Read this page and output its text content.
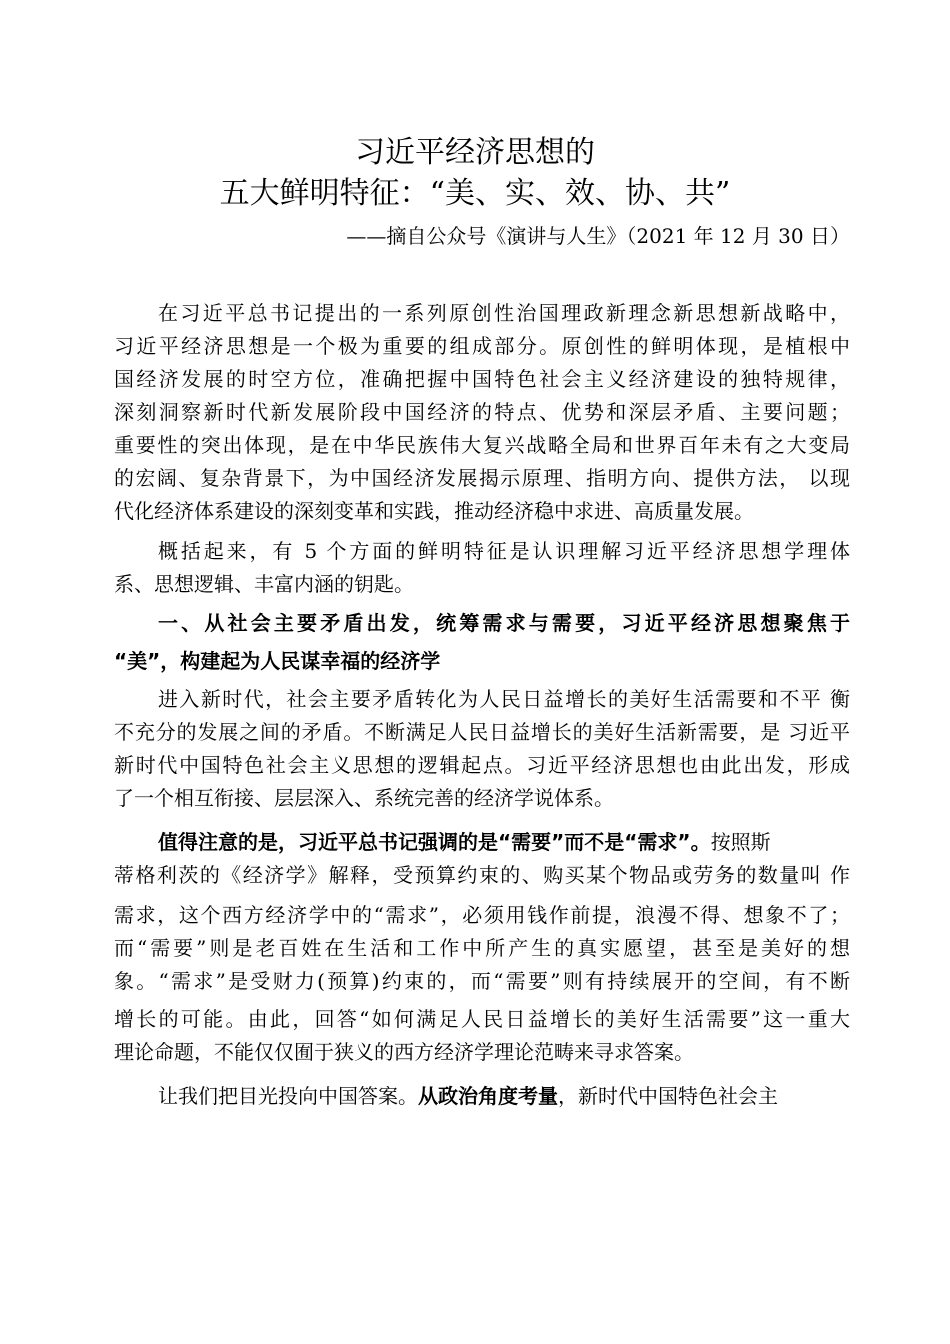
习近平经济思想的
五大鲜明特征：“美、实、效、协、共”
——摘自公众号《演讲与人生》（2021 年 12 月 30 日）
在习近平总书记提出的一系列原创性治国理政新理念新思想新战略中，
习近平经济思想是一个极为重要的组成部分。原创性的鲜明体现，是植根中
国经济发展的时空方位，准确把握中国特色社会主义经济建设的独特规律，
深刻洞察新时代新发展阶段中国经济的特点、优势和深层矛盾、主要问题；
重要性的突出体现，是在中华民族伟大复兴战略全局和世界百年未有之大变局
的宏阔、复杂背景下，为中国经济发展揭示原理、指明方向、提供方法， 以现
代化经济体系建设的深刻变革和实践，推动经济稳中求进、高质量发展。
概括起来，有 5 个方面的鲜明特征是认识理解习近平经济思想学理体
系、思想逻辑、丰富内涵的钥匙。
一、从社会主要矛盾出发，统筹需求与需要，习近平经济思想聚焦于
“美”，构建起为人民谋幸福的经济学
进入新时代，社会主要矛盾转化为人民日益增长的美好生活需要和不平 衡
不充分的发展之间的矛盾。不断满足人民日益增长的美好生活新需要，是 习近平
新时代中国特色社会主义思想的逻辑起点。习近平经济思想也由此出发，形成
了一个相互衔接、层层深入、系统完善的经济学说体系。
值得注意的是，习近平总书记强调的是“需要”而不是“需求”。按照斯
蒂格利茨的《经济学》解释，受预算约束的、购买某个物品或劳务的数量叫 作
需求，这个西方经济学中的“需求”，必须用钱作前提，浪漫不得、想象不了；
而“需要”则是老百姓在生活和工作中所产生的真实愿望，甚至是美好的想
象。“需求”是受财力(预算)约束的，而“需要”则有持续展开的空间，有不断
增长的可能。由此，回答“如何满足人民日益增长的美好生活需要”这一重大
理论命题，不能仅仅囿于狭义的西方经济学理论范畴来寻求答案。
让我们把目光投向中国答案。从政治角度考量，新时代中国特色社会主
